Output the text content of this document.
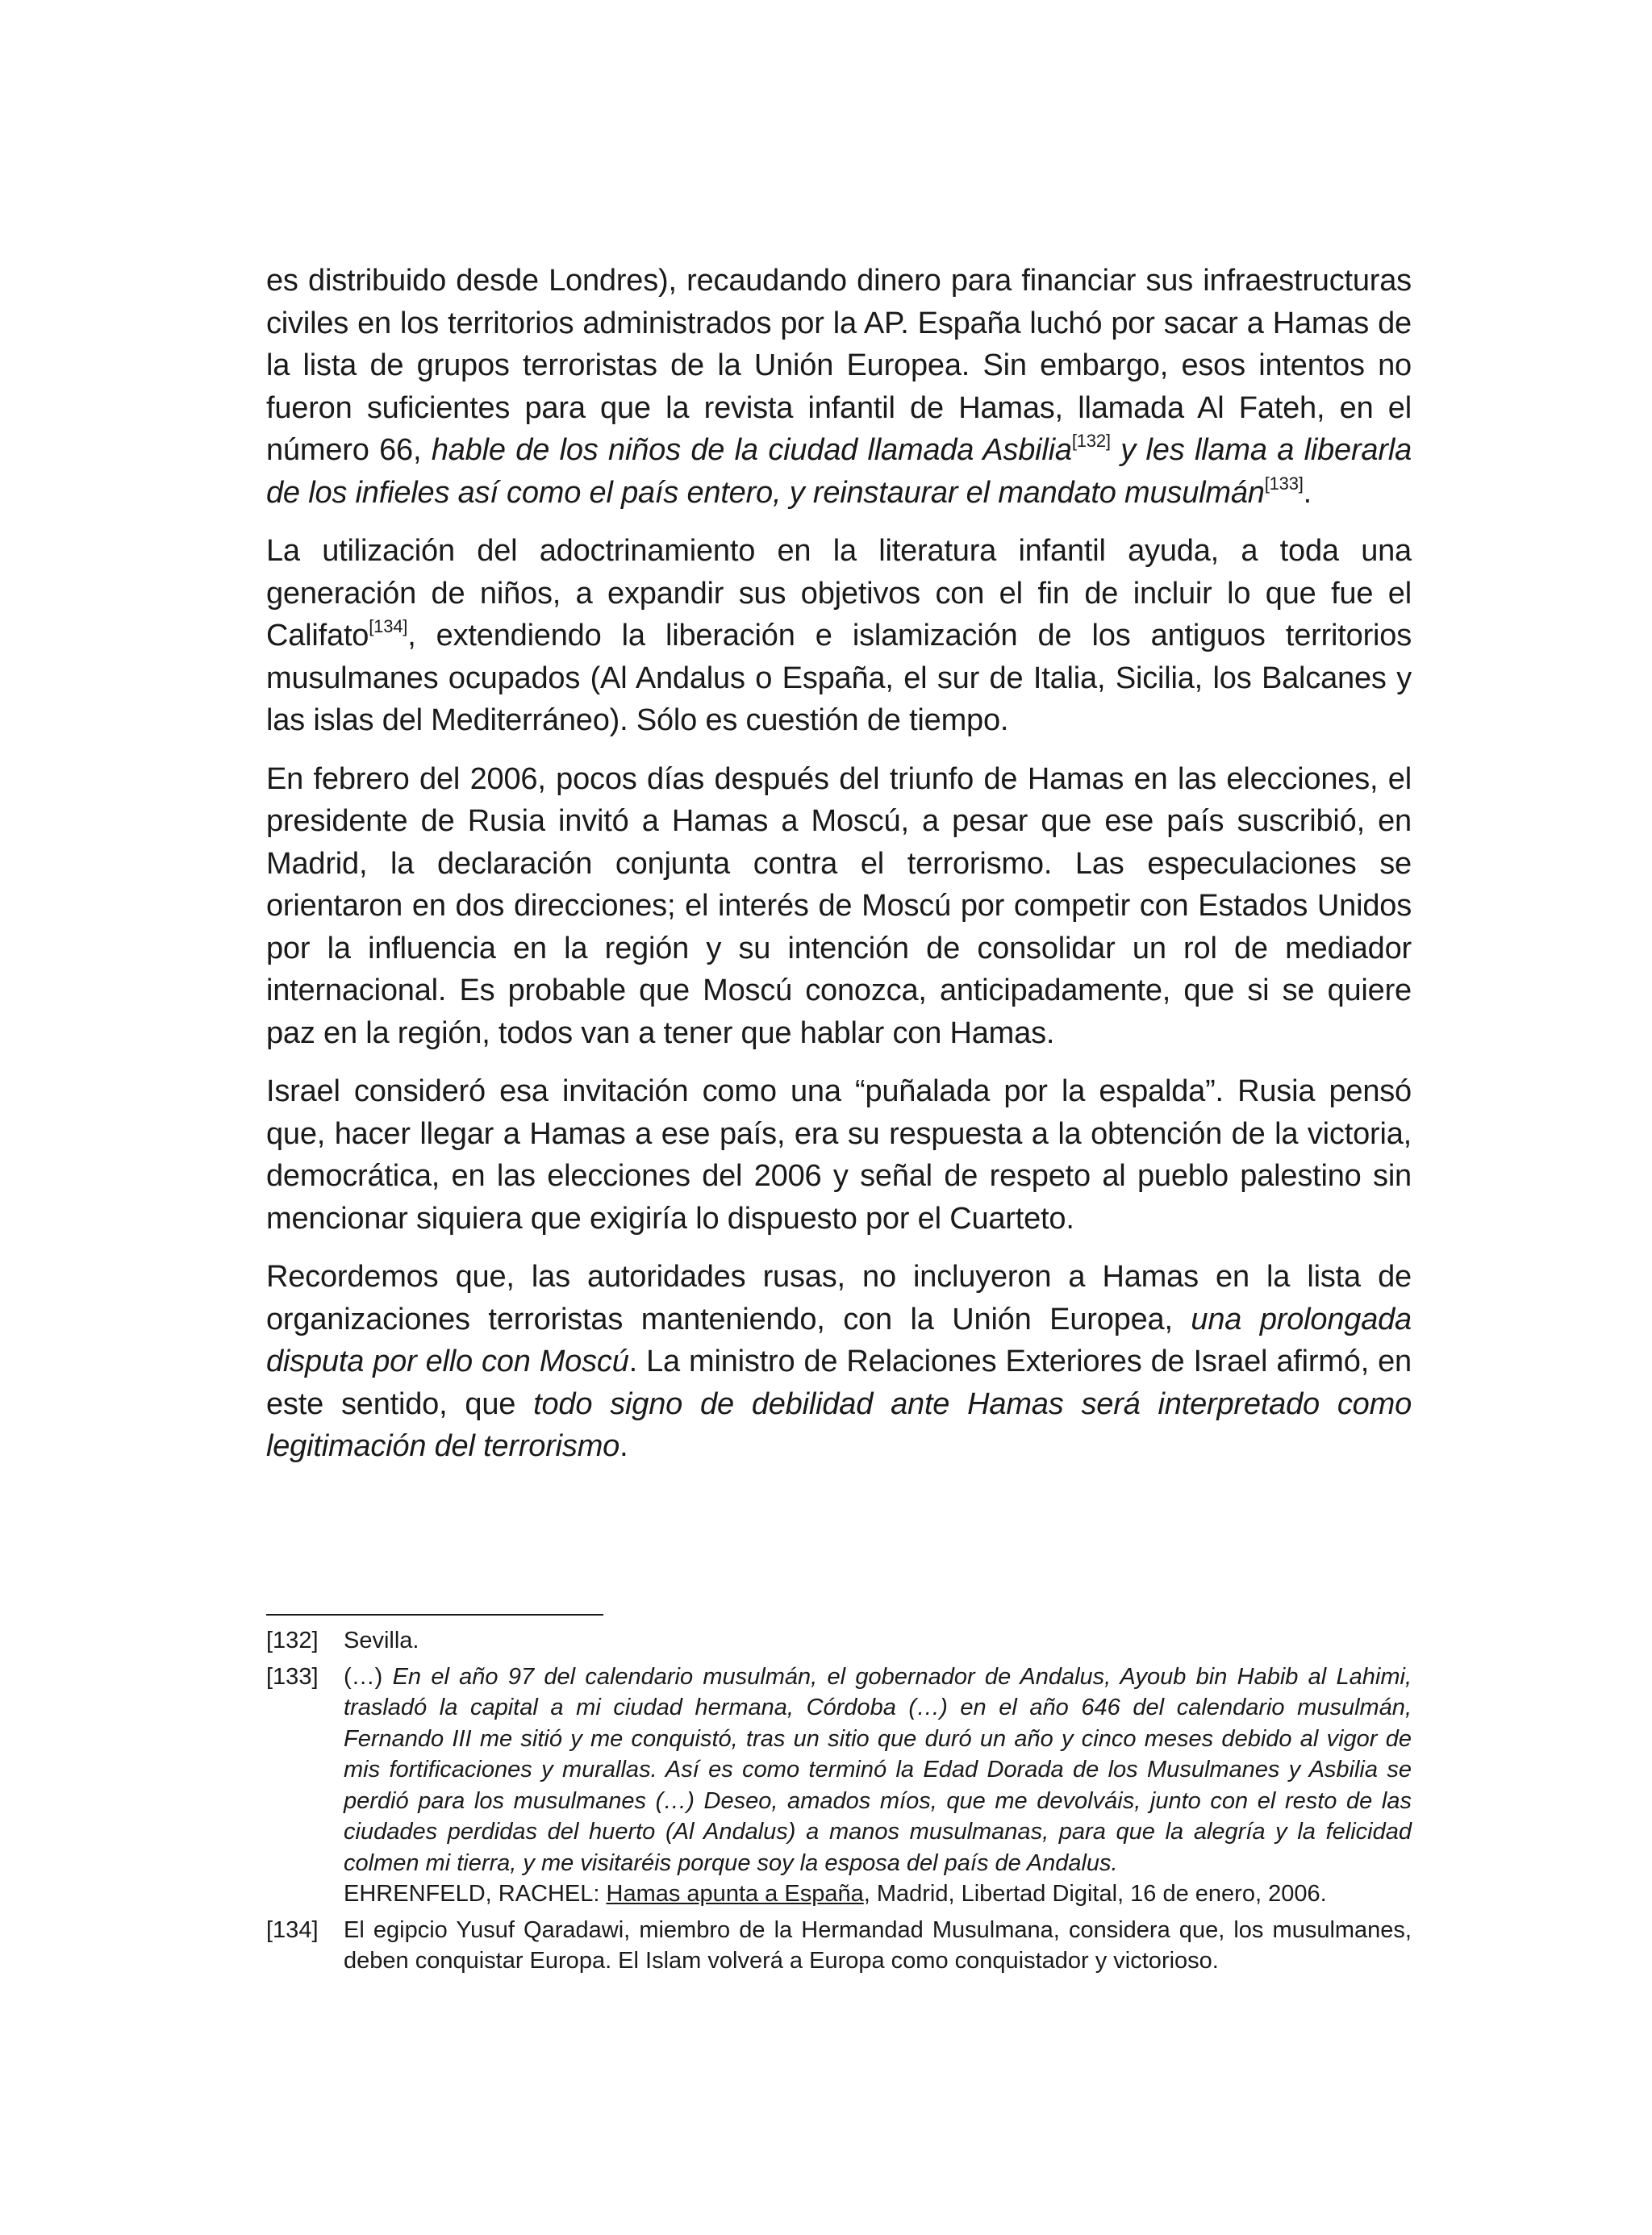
es distribuido desde Londres), recaudando dinero para financiar sus infraestructuras civiles en los territorios administrados por la AP. España luchó por sacar a Hamas de la lista de grupos terroristas de la Unión Europea. Sin embargo, esos intentos no fueron suficientes para que la revista infantil de Hamas, llamada Al Fateh, en el número 66, hable de los niños de la ciudad llamada Asbilia[132] y les llama a liberarla de los infieles así como el país entero, y reinstaurar el mandato musulmán[133].

La utilización del adoctrinamiento en la literatura infantil ayuda, a toda una generación de niños, a expandir sus objetivos con el fin de incluir lo que fue el Califato[134], extendiendo la liberación e islamización de los antiguos territorios musulmanes ocupados (Al Andalus o España, el sur de Italia, Sicilia, los Balcanes y las islas del Mediterráneo). Sólo es cuestión de tiempo.

En febrero del 2006, pocos días después del triunfo de Hamas en las elecciones, el presidente de Rusia invitó a Hamas a Moscú, a pesar que ese país suscribió, en Madrid, la declaración conjunta contra el terrorismo. Las especulaciones se orientaron en dos direcciones; el interés de Moscú por competir con Estados Unidos por la influencia en la región y su intención de consolidar un rol de mediador internacional. Es probable que Moscú conozca, anticipadamente, que si se quiere paz en la región, todos van a tener que hablar con Hamas.

Israel consideró esa invitación como una “puñalada por la espalda”. Rusia pensó que, hacer llegar a Hamas a ese país, era su respuesta a la obtención de la victoria, democrática, en las elecciones del 2006 y señal de respeto al pueblo palestino sin mencionar siquiera que exigiría lo dispuesto por el Cuarteto.

Recordemos que, las autoridades rusas, no incluyeron a Hamas en la lista de organizaciones terroristas manteniendo, con la Unión Europea, una prolongada disputa por ello con Moscú. La ministro de Relaciones Exteriores de Israel afirmó, en este sentido, que todo signo de debilidad ante Hamas será interpretado como legitimación del terrorismo.

[132]	Sevilla.
[133]	(…) En el año 97 del calendario musulmán, el gobernador de Andalus, Ayoub bin Habib al Lahimi, trasladó la capital a mi ciudad hermana, Córdoba (…) en el año 646 del calendario musulmán, Fernando III me sitió y me conquistó, tras un sitio que duró un año y cinco meses debido al vigor de mis fortificaciones y murallas. Así es como terminó la Edad Dorada de los Musulmanes y Asbilia se perdió para los musulmanes (…) Deseo, amados míos, que me devolváis, junto con el resto de las ciudades perdidas del huerto (Al Andalus) a manos musulmanas, para que la alegría y la felicidad colmen mi tierra, y me visitaréis porque soy la esposa del país de Andalus.
EHRENFELD, RACHEL: Hamas apunta a España, Madrid, Libertad Digital, 16 de enero, 2006.
[134]	El egipcio Yusuf Qaradawi, miembro de la Hermandad Musulmana, considera que, los musulmanes, deben conquistar Europa. El Islam volverá a Europa como conquistador y victorioso.
